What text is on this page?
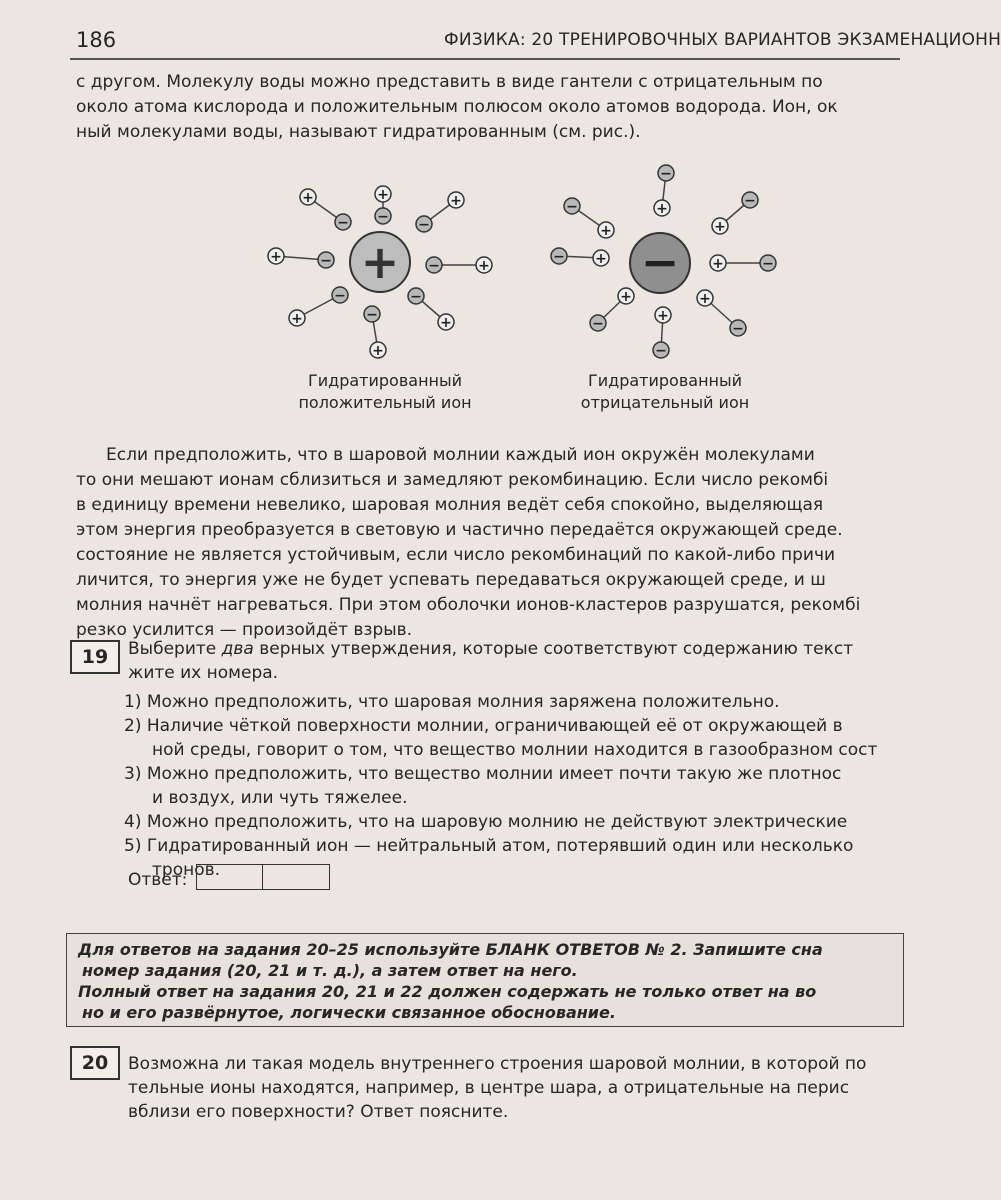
186	ФИЗИКА: 20 ТРЕНИРОВОЧНЫХ ВАРИАНТОВ ЭКЗАМЕНАЦИОНН
с другом. Молекулу воды можно представить в виде гантели с отрицательным по
около атома кислорода и положительным полюсом около атомов водорода. Ион, ок
ный молекулами воды, называют гидратированным (см. рис.).
−
+
−
+
−
+
−
+
−	+
−
+	−
+
−
+
+
−	+
−
+
−
+
−	+	−
+
−	+
−
+
−
+	−
Гидратированный
положительный ион
Гидратированный
отрицательный ион
Если предположить, что в шаровой молнии каждый ион окружён молекулами
то они мешают ионам сблизиться и замедляют рекомбинацию. Если число рекомбі
в единицу времени невелико, шаровая молния ведёт себя спокойно, выделяющая
этом энергия преобразуется в световую и частично передаётся окружающей среде.
состояние не является устойчивым, если число рекомбинаций по какой-либо причи
личится, то энергия уже не будет успевать передаваться окружающей среде, и ш
молния начнёт нагреваться. При этом оболочки ионов-кластеров разрушатся, рекомбі
резко усилится — произойдёт взрыв.
19	Выберите два верных утверждения, которые соответствуют содержанию текст
жите их номера.
1) Можно предположить, что шаровая молния заряжена положительно.
2) Наличие чёткой поверхности молнии, ограничивающей её от окружающей в
ной среды, говорит о том, что вещество молнии находится в газообразном сост
3) Можно предположить, что вещество молнии имеет почти такую же плотнос
и воздух, или чуть тяжелее.
4) Можно предположить, что на шаровую молнию не действуют электрические
5) Гидратированный ион — нейтральный атом, потерявший один или несколько
тронов.
Ответ:
Для ответов на задания 20–25 используйте БЛАНК ОТВЕТОВ № 2. Запишите сна
номер задания (20, 21 и т. д.), а затем ответ на него.
Полный ответ на задания 20, 21 и 22 должен содержать не только ответ на во
но и его развёрнутое, логически связанное обоснование.
20	Возможна ли такая модель внутреннего строения шаровой молнии, в которой по
тельные ионы находятся, например, в центре шара, а отрицательные на перис
вблизи его поверхности? Ответ поясните.
